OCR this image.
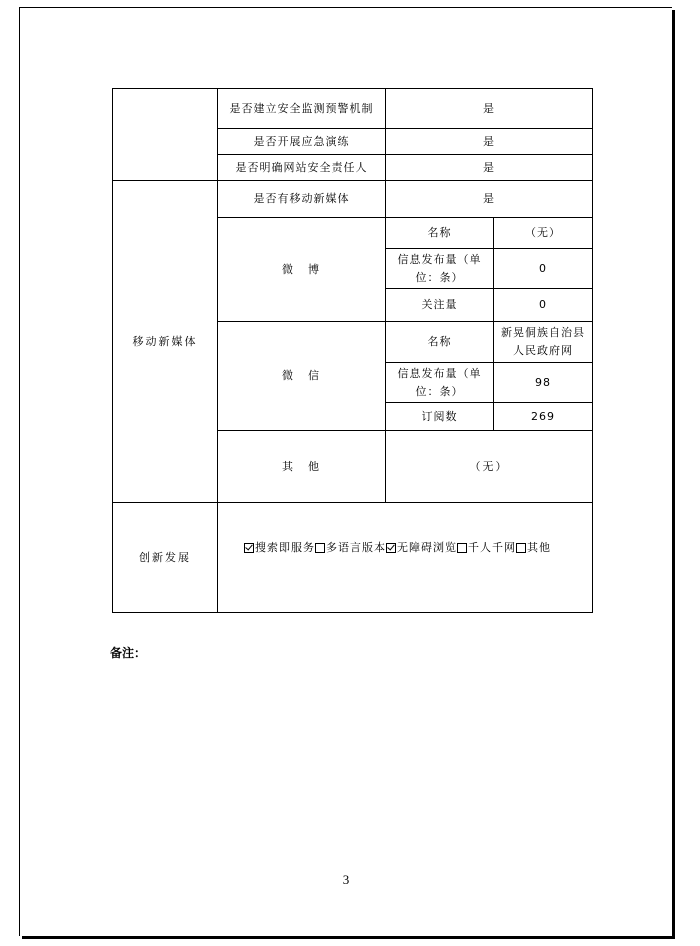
	是否建立安全监测预警机制	是	
	是否开展应急演练	是	
	是否明确网站安全责任人	是	
移动新媒体	是否有移动新媒体	是	
	微　博	名称	（无）
		信息发布量（单位：条）	0
		关注量	0
	微　信	名称	新晃侗族自治县人民政府网
		信息发布量（单位：条）	98
		订阅数	269
	其　他	（无）	
创新发展	搜索即服务 多语言版本 无障碍浏览 千人千网 其他		
备注：
3
